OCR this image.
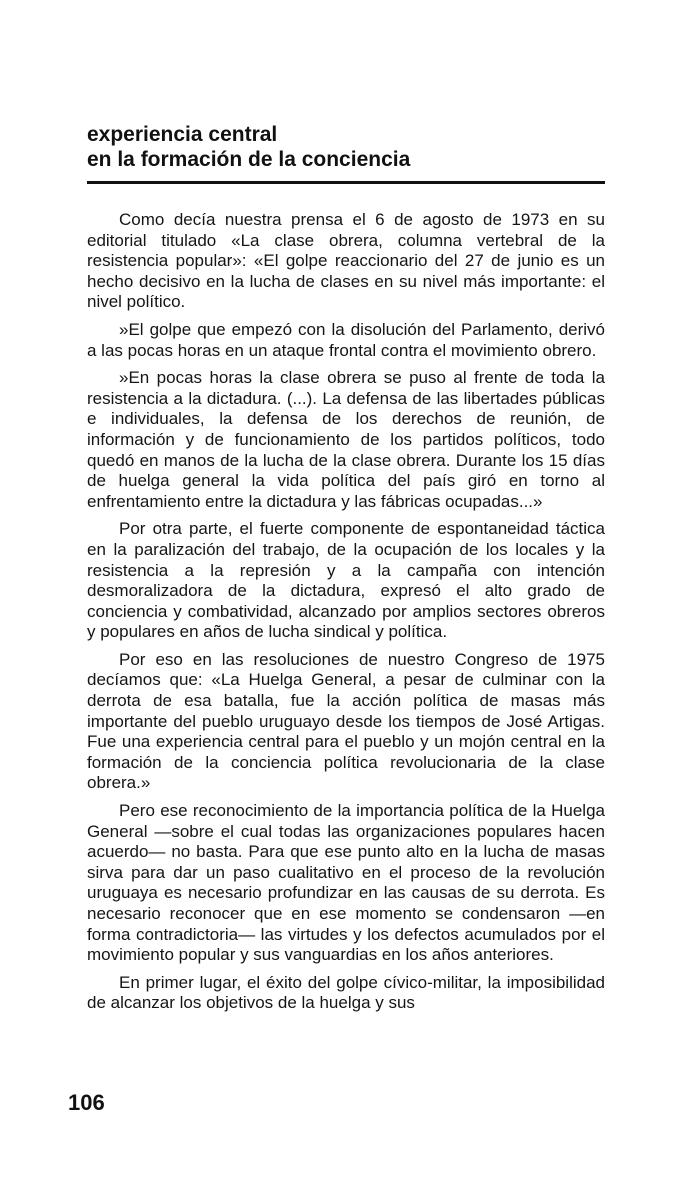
experiencia central
en la formación de la conciencia

Como decía nuestra prensa el 6 de agosto de 1973 en su editorial titulado «La clase obrera, columna vertebral de la resistencia popular»: «El golpe reaccionario del 27 de junio es un hecho decisivo en la lucha de clases en su nivel más importante: el nivel político.

»El golpe que empezó con la disolución del Parlamento, derivó a las pocas horas en un ataque frontal contra el movimiento obrero.

»En pocas horas la clase obrera se puso al frente de toda la resistencia a la dictadura. (...). La defensa de las libertades públicas e individuales, la defensa de los derechos de reunión, de información y de funcionamiento de los partidos políticos, todo quedó en manos de la lucha de la clase obrera. Durante los 15 días de huelga general la vida política del país giró en torno al enfrentamiento entre la dictadura y las fábricas ocupadas...»

Por otra parte, el fuerte componente de espontaneidad táctica en la paralización del trabajo, de la ocupación de los locales y la resistencia a la represión y a la campaña con intención desmoralizadora de la dictadura, expresó el alto grado de conciencia y combatividad, alcanzado por amplios sectores obreros y populares en años de lucha sindical y política.

Por eso en las resoluciones de nuestro Congreso de 1975 decíamos que: «La Huelga General, a pesar de culminar con la derrota de esa batalla, fue la acción política de masas más importante del pueblo uruguayo desde los tiempos de José Artigas. Fue una experiencia central para el pueblo y un mojón central en la formación de la conciencia política revolucionaria de la clase obrera.»

Pero ese reconocimiento de la importancia política de la Huelga General —sobre el cual todas las organizaciones populares hacen acuerdo— no basta. Para que ese punto alto en la lucha de masas sirva para dar un paso cualitativo en el proceso de la revolución uruguaya es necesario profundizar en las causas de su derrota. Es necesario reconocer que en ese momento se condensaron —en forma contradictoria— las virtudes y los defectos acumulados por el movimiento popular y sus vanguardias en los años anteriores.

En primer lugar, el éxito del golpe cívico-militar, la imposibilidad de alcanzar los objetivos de la huelga y sus

106
